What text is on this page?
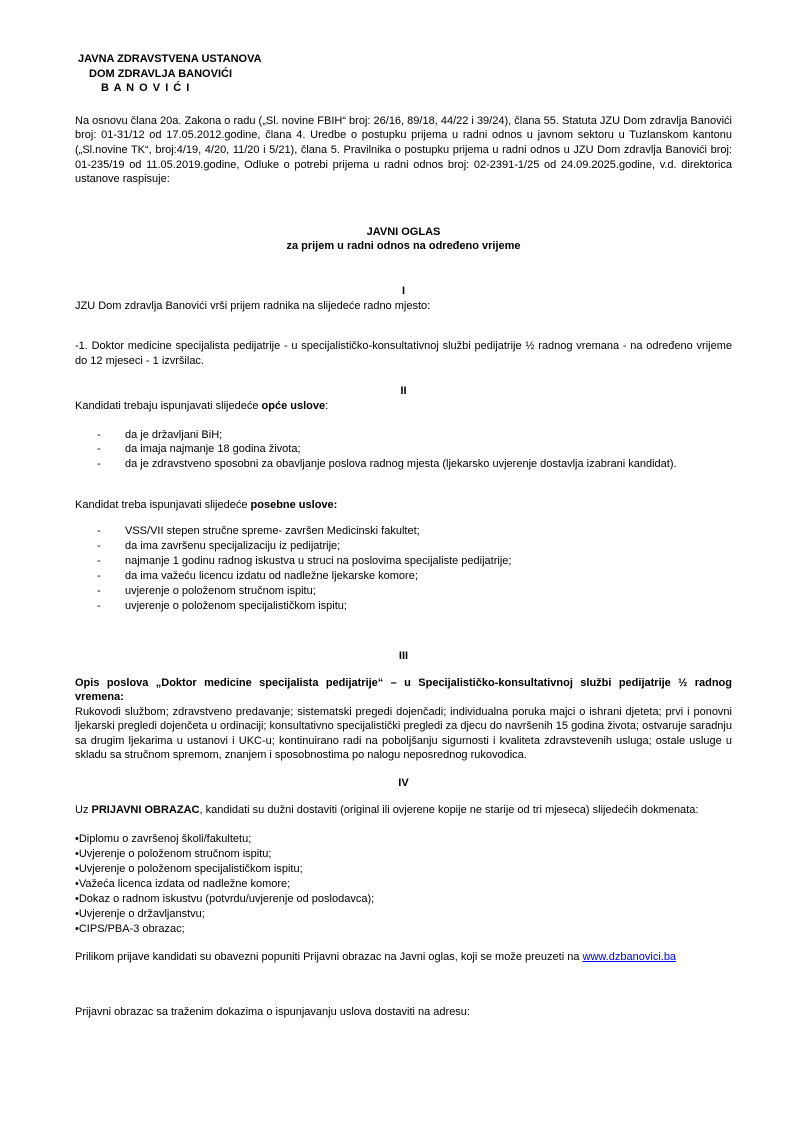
JAVNA ZDRAVSTVENA USTANOVA

DOM ZDRAVLJA BANOVIĆI

B A N O V I Ć I

Na osnovu člana 20a. Zakona o radu („Sl. novine FBIH“ broj: 26/16, 89/18, 44/22 i 39/24), člana 55. Statuta JZU Dom zdravlja Banovići broj: 01-31/12 od 17.05.2012.godine, člana 4. Uredbe o postupku prijema u radni odnos u javnom sektoru u Tuzlanskom kantonu („Sl.novine TK“, broj:4/19, 4/20, 11/20 i 5/21), člana 5. Pravilnika o postupku prijema u radni odnos u JZU Dom zdravlja Banovići broj: 01-235/19 od 11.05.2019.godine, Odluke o potrebi prijema u radni odnos broj: 02-2391-1/25 od 24.09.2025.godine, v.d. direktorica ustanove raspisuje:

JAVNI OGLAS

za prijem u radni odnos na određeno vrijeme

I

JZU Dom zdravlja Banovići vrši prijem radnika na slijedeće radno mjesto:

-1. Doktor medicine specijalista pedijatrije - u specijalističko-konsultativnoj službi pedijatrije ½ radnog vremana - na određeno vrijeme do 12 mjeseci - 1 izvršilac.

II

Kandidati trebaju ispunjavati slijedeće opće uslove:

-	da je državljani BiH;
-	da imaja najmanje 18 godina života;
-	da je zdravstveno sposobni za obavljanje poslova radnog mjesta (ljekarsko uvjerenje dostavlja izabrani kandidat).

Kandidat treba ispunjavati slijedeće posebne uslove:

-	VSS/VII stepen stručne spreme- završen Medicinski fakultet;
-	da ima završenu specijalizaciju iz pedijatrije;
-	najmanje 1 godinu radnog iskustva u struci na poslovima specijaliste pedijatrije;
-	da ima važeću licencu izdatu od nadležne ljekarske komore;
-	uvjerenje o položenom stručnom ispitu;
-	uvjerenje o položenom specijalističkom ispitu;

III

Opis poslova „Doktor medicine specijalista pedijatrije“ – u Specijalističko-konsultativnoj službi pedijatrije ½ radnog vremena:

Rukovodi službom; zdravstveno predavanje; sistematski pregedi dojenčadi; individualna poruka majci o ishrani djeteta; prvi i ponovni ljekarski pregledi dojenčeta u ordinaciji; konsultativno specijalistički pregledi za djecu do navršenih 15 godina života; ostvaruje saradnju sa drugim ljekarima u ustanovi i UKC-u; kontinuirano radi na poboljšanju sigurnosti i kvaliteta zdravstevenih usluga; ostale usluge u skladu sa stručnom spremom, znanjem i sposobnostima po nalogu neposrednog rukovodica.

IV

Uz PRIJAVNI OBRAZAC, kandidati su dužni dostaviti (original ili ovjerene kopije ne starije od tri mjeseca) slijedećih dokmenata:

•Diplomu o završenoj školi/fakultetu;
•Uvjerenje o položenom stručnom ispitu;
•Uvjerenje o položenom specijalističkom ispitu;
•Važeća licenca izdata od nadležne komore;
•Dokaz o radnom iskustvu (potvrdu/uvjerenje od poslodavca);
•Uvjerenje o državljanstvu;
•CIPS/PBA-3 obrazac;

Prilikom prijave kandidati su obavezni popuniti Prijavni obrazac na Javni oglas, koji se može preuzeti na www.dzbanovici.ba

Prijavni obrazac sa traženim dokazima o ispunjavanju uslova dostaviti na adresu:
